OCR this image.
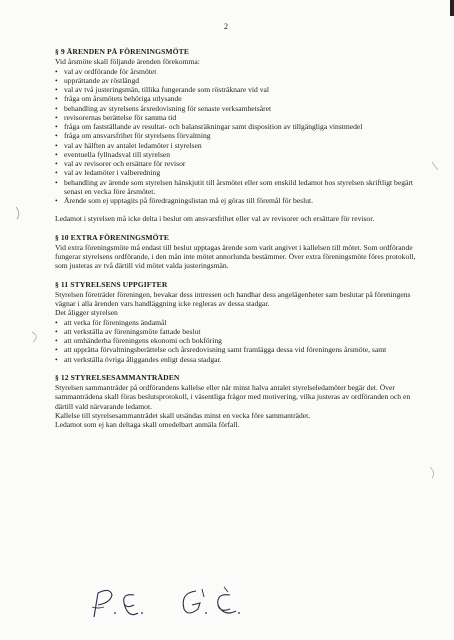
2
§ 9 ÄRENDEN PÅ FÖRENINGSMÖTE

Vid årsmöte skall följande ärenden förekomma:

• val av ordförande för årsmötet
• upprättande av röstlängd
• val av två justeringsmän, tillika fungerande som rösträknare vid val
• fråga om årsmötets behöriga utlysande
• behandling av styrelsens årsredovisning för senaste verksamhetsåret
• revisorernas berättelse för samma tid
• fråga om fastställande av resultat- och balansräkningar samt disposition av tillgängliga vinstmedel
• fråga om ansvarsfrihet för styrelsens förvaltning
• val av hälften av antalet ledamöter i styrelsen
• eventuella fyllnadsval till styrelsen
• val av revisorer och ersättare för revisor
• val av ledamöter i valberedning
• behandling av ärende som styrelsen hänskjutit till årsmötet eller som enskild ledamot hos styrelsen skriftligt begärt senast en vecka före årsmötet.
• Ärende som ej upptagits på föredragningslistan må ej göras till föremål för beslut.

Ledamot i styrelsen må icke delta i beslut om ansvarsfrihet eller val av revisorer och ersättare för revisor.

§ 10 EXTRA FÖRENINGSMÖTE

Vid extra föreningsmöte må endast till beslut upptagas ärende som varit angivet i kallelsen till mötet. Som ordförande fungerar styrelsens ordförande, i den mån inte mötet annorlunda bestämmer. Över extra föreningsmöte föres protokoll, som justeras av två därtill vid mötet valda justeringsmän.

§ 11 STYRELSENS UPPGIFTER

Styrelsen företräder föreningen, bevakar dess intressen och handhar dess angelägenheter sam beslutar på föreningens vägnar i alla ärenden vars handläggning icke regleras av dessa stadgar.

Det åligger styrelsen

• att verka för föreningens ändamål
• att verkställa av föreningsmöte fattade beslut
• att omhänderha föreningens ekonomi och bokföring
• att upprätta förvaltningsberättelse och årsredovisning samt framlägga dessa vid föreningens årsmöte, samt
• att verkställa övriga åliggandes enligt dessa stadgar.
§ 12 STYRELSESAMMANTRÄDEN

Styrelsen sammanträder på ordförandens kallelse eller när minst halva antalet styrelseledamöter begär det. Över sammanträdena skall föras beslutsprotokoll, i väsentliga frågor med motivering, vilka justeras av ordföranden och en därtill vald närvarande ledamot.

Kallelse till styrelsesammanträdet skall utsändas minst en vecka före sammanträdet.

Ledamot som ej kan deltaga skall omedelbart anmäla förfall.
